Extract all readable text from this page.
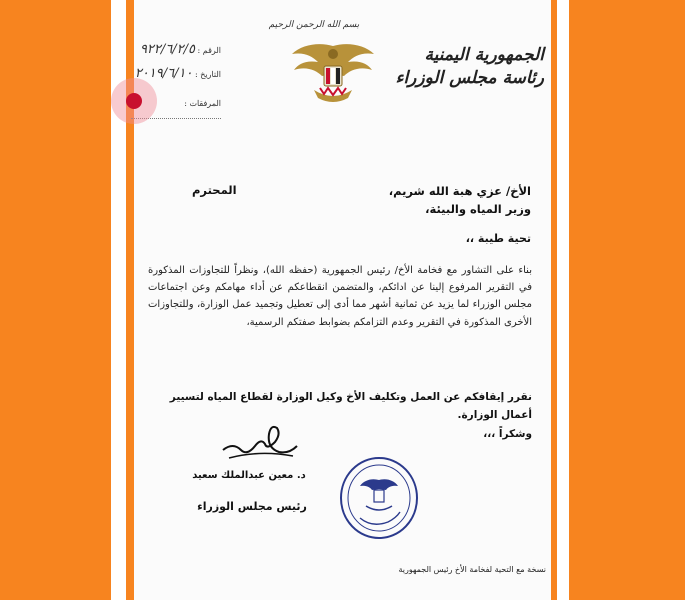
بسم الله الرحمن الرحيم
الجمهورية اليمنية
رئاسة مجلس الوزراء
الرقم : ٩٢٢/٦/٢/٥
التاريخ : ٢٠١٩/٦/١٠
المرفقات :
الأخ/ عزي هبة الله شريم،
وزير المياه والبيئة،
المحترم
تحية طيبة ،،
بناء على التشاور مع فخامة الأخ/ رئيس الجمهورية (حفظه الله)، ونظراً للتجاوزات المذكورة في التقرير المرفوع إلينا عن ادائكم، والمتضمن انقطاعكم عن أداء مهامكم وعن اجتماعات مجلس الوزراء لما يزيد عن ثمانية أشهر مما أدى إلى تعطيل وتجميد عمل الوزارة، وللتجاوزات الأخرى المذكورة في التقرير وعدم التزامكم بضوابط صفتكم الرسمية،
نقرر إيقافكم عن العمل وتكليف الأخ وكيل الوزارة لقطاع المياه لتسيير أعمال الوزارة.
وشكراً ،،،
د. معين عبدالملك سعيد
رئيس مجلس الوزراء
نسخة مع التحية لفخامة الأخ رئيس الجمهورية
